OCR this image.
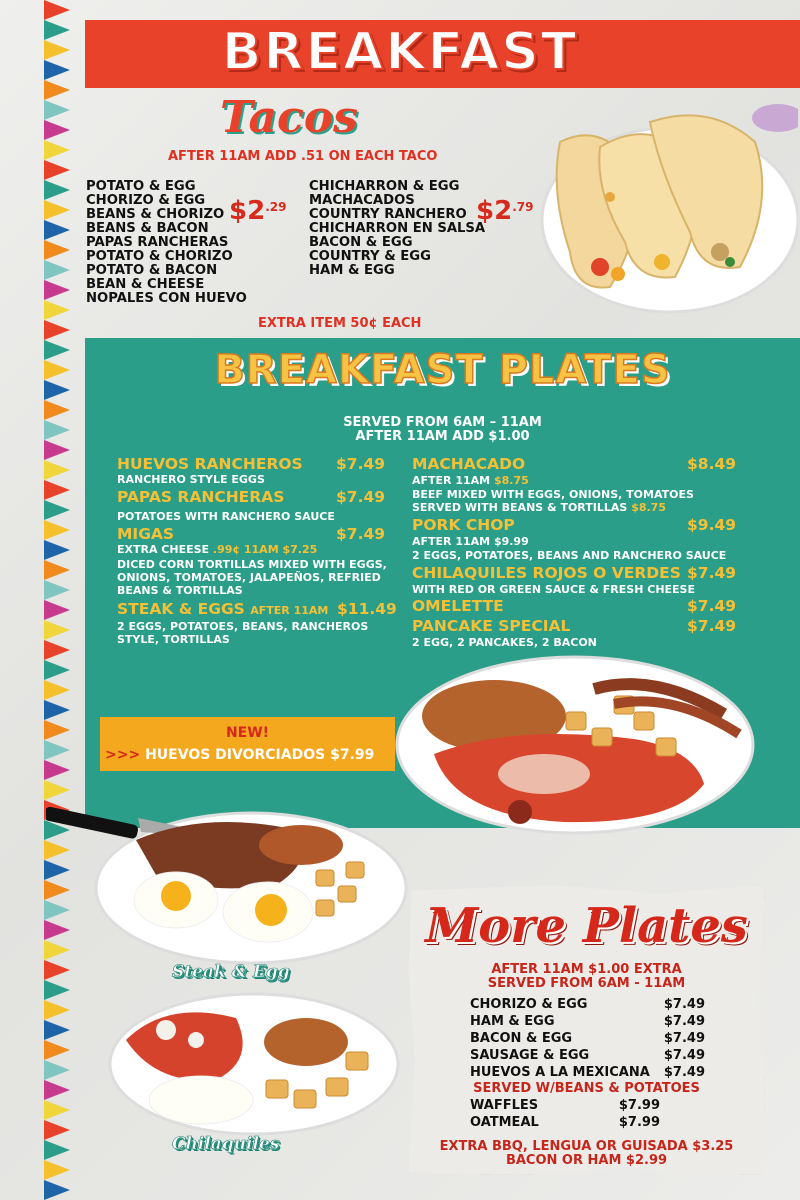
BREAKFAST
Tacos
AFTER 11AM ADD .51 ON EACH TACO
POTATO & EGG
CHORIZO & EGG
BEANS & CHORIZO
BEANS & BACON
PAPAS RANCHERAS
POTATO & CHORIZO
POTATO & BACON
BEAN & CHEESE
NOPALES CON HUEVO
$\$2^{.29}$
CHICHARRON & EGG
MACHACADOS
COUNTRY RANCHERO
CHICHARRON EN SALSA
BACON & EGG
COUNTRY & EGG
HAM & EGG
$\$2^{.79}$
EXTRA ITEM 50¢ EACH
BREAKFAST PLATES
SERVED FROM 6AM – 11AM
AFTER 11AM ADD $1.00
HUEVOS RANCHEROS $7.49
RANCHERO STYLE EGGS
PAPAS RANCHERAS	$7.49
POTATOES WITH RANCHERO SAUCE
MIGAS	$7.49
EXTRA CHEESE .99¢ 11AM $7.25
DICED CORN TORTILLAS MIXED WITH EGGS,
ONIONS, TOMATOES, JALAPEÑOS, REFRIED
BEANS & TORTILLAS
STEAK & EGGS AFTER 11AM $11.49
2 EGGS, POTATOES, BEANS, RANCHEROS
STYLE, TORTILLAS
MACHACADO	$8.49
AFTER 11AM $8.75
BEEF MIXED WITH EGGS, ONIONS, TOMATOES
SERVED WITH BEANS & TORTILLAS $8.75
PORK CHOP	$9.49
AFTER 11AM $9.99
2 EGGS, POTATOES, BEANS AND RANCHERO SAUCE
CHILAQUILES ROJOS O VERDES $7.49
WITH RED OR GREEN SAUCE & FRESH CHEESE
OMELETTE	$7.49
PANCAKE SPECIAL	$7.49
2 EGG, 2 PANCAKES, 2 BACON
NEW!
>>> HUEVOS DIVORCIADOS $7.99
Steak & Egg
Chilaquiles
More Plates
AFTER 11AM $1.00 EXTRA
SERVED FROM 6AM - 11AM
CHORIZO & EGG	$7.49
HAM & EGG	$7.49
BACON & EGG	$7.49
SAUSAGE & EGG	$7.49
HUEVOS A LA MEXICANA $7.49
SERVED W/BEANS & POTATOES
WAFFLES	$7.99
OATMEAL	$7.99
EXTRA BBQ, LENGUA OR GUISADA $3.25
BACON OR HAM $2.99
